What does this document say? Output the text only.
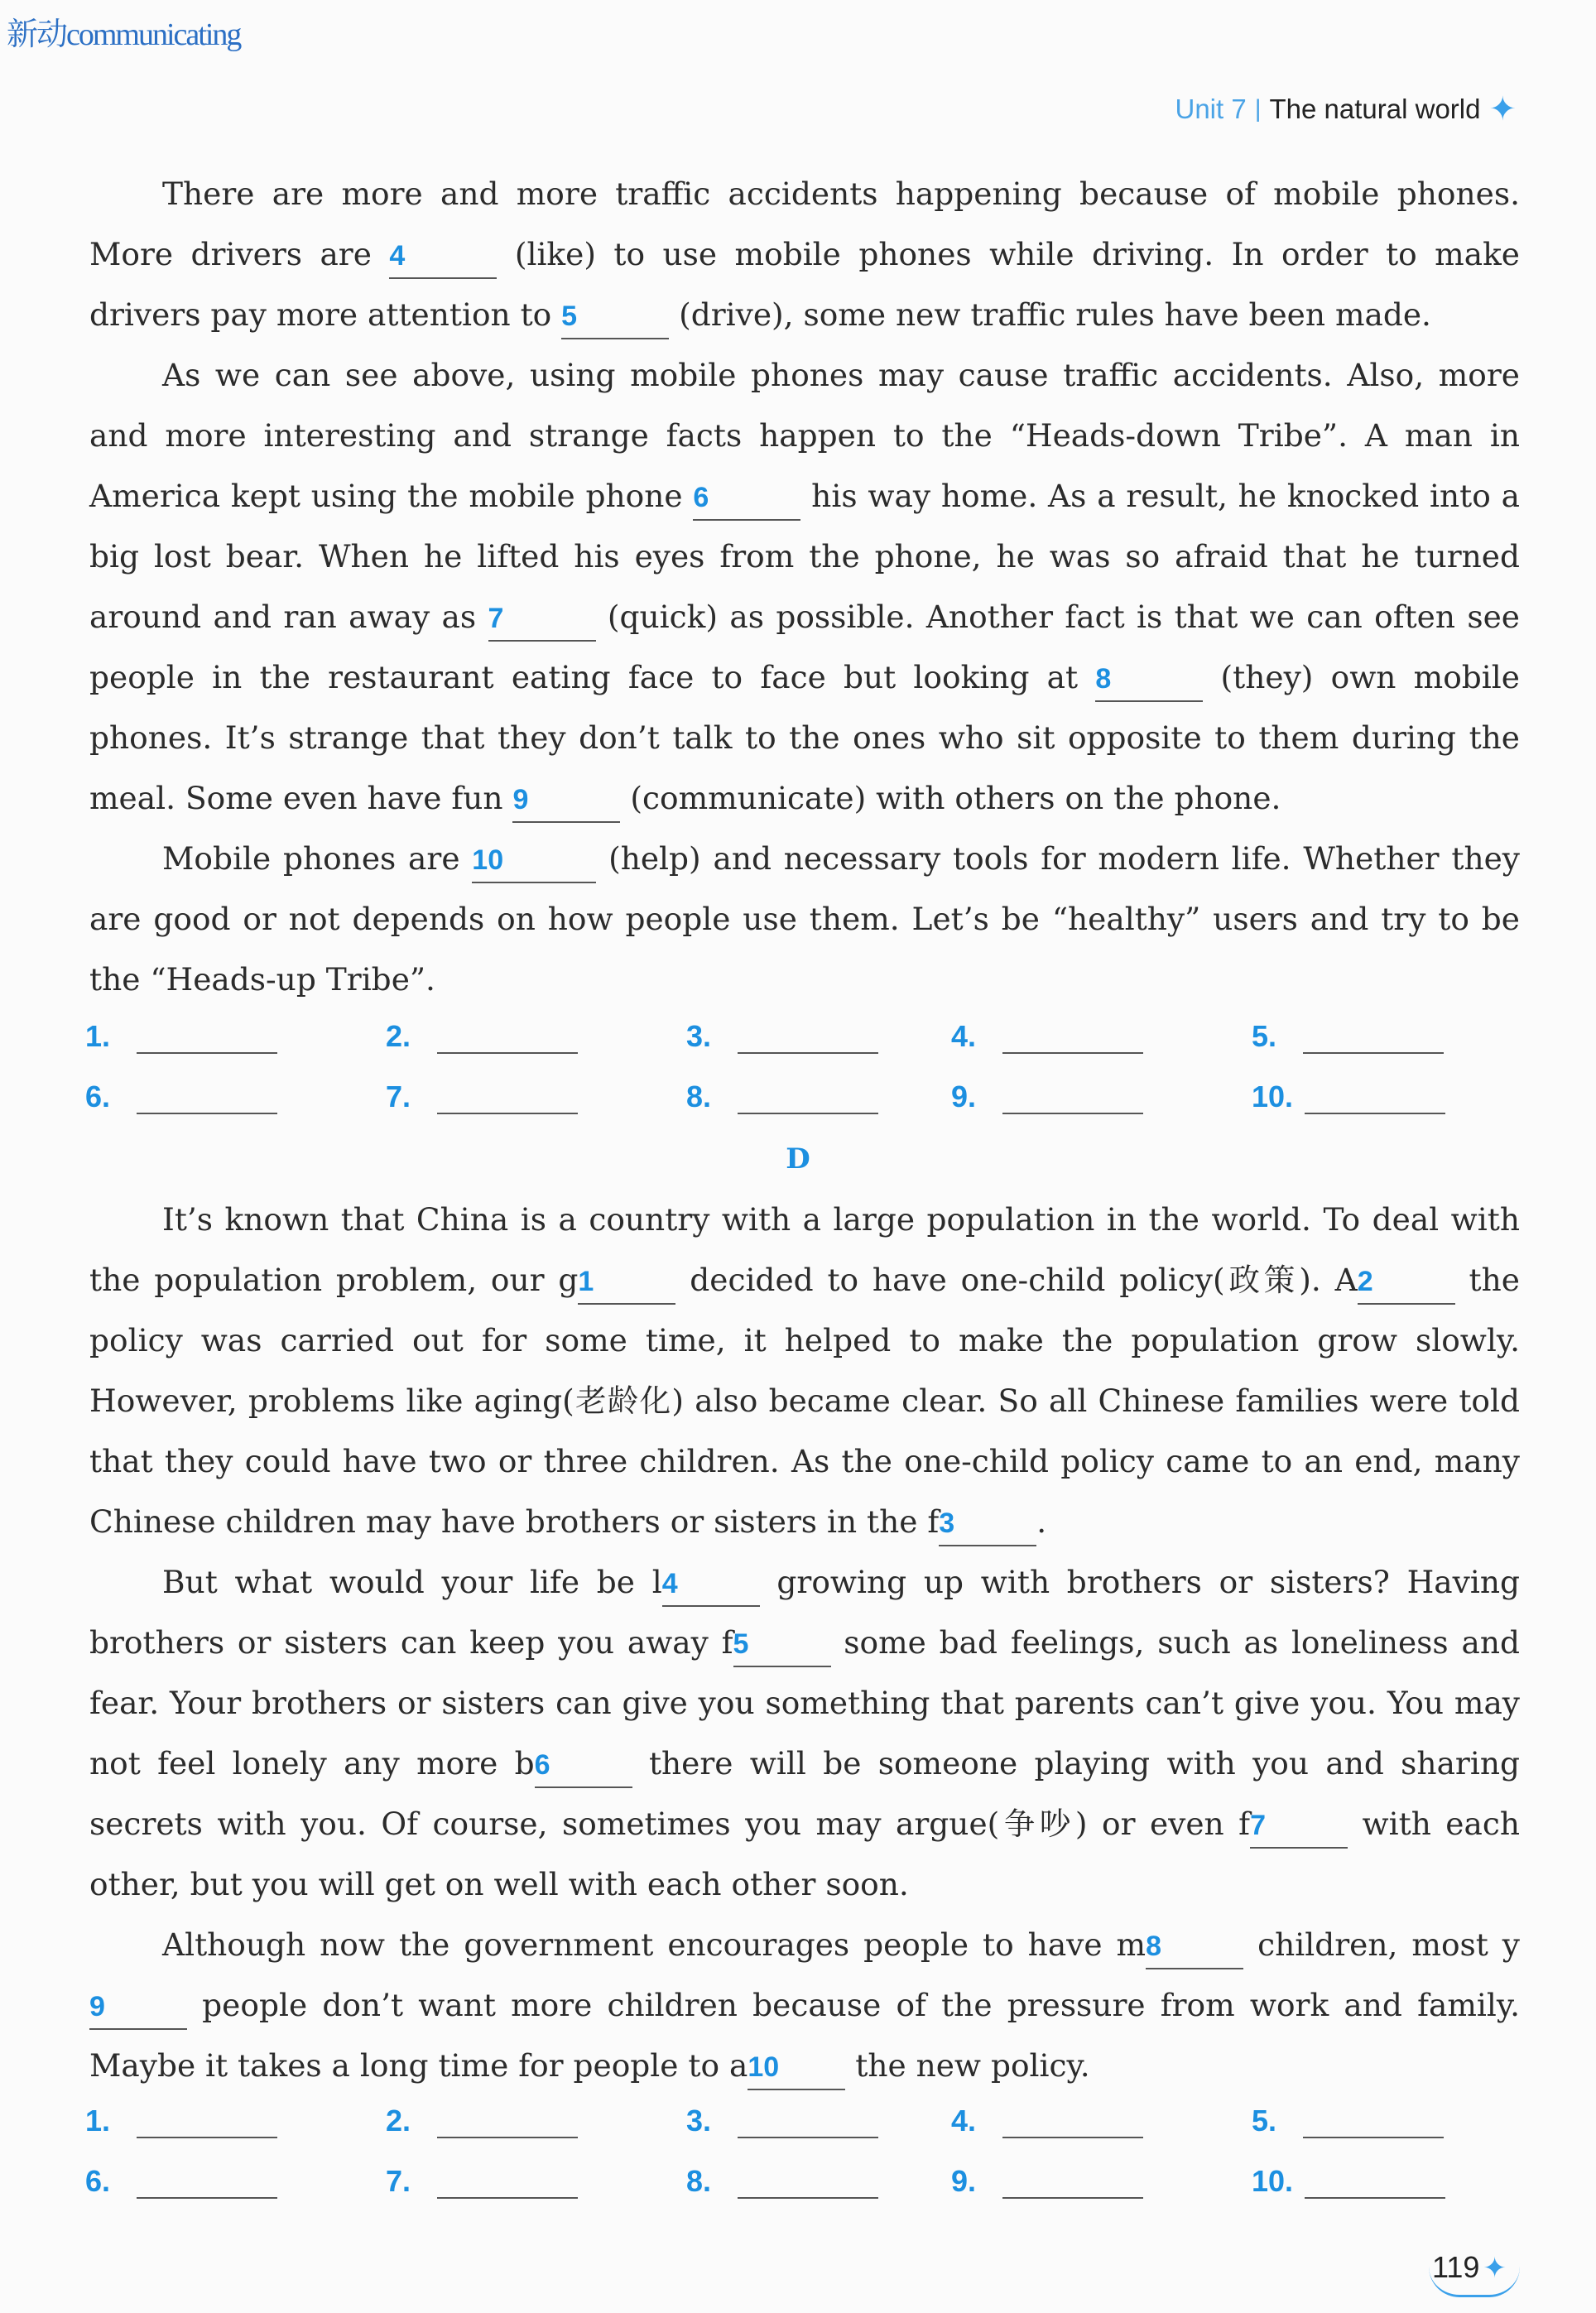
新动communicating
Unit 7 | The natural world ✦

There are more and more traffic accidents happening because of mobile phones. More drivers are 4	(like) to use mobile phones while driving. In order to make drivers pay more attention to 5	(drive), some new traffic rules have been made.

As we can see above, using mobile phones may cause traffic accidents. Also, more and more interesting and strange facts happen to the “Heads-down Tribe”. A man in America kept using the mobile phone 6	his way home. As a result, he knocked into a big lost bear. When he lifted his eyes from the phone, he was so afraid that he turned around and ran away as 7	(quick) as possible. Another fact is that we can often see people in the restaurant eating face to face but looking at 8	(they) own mobile phones. It’s strange that they don’t talk to the ones who sit opposite to them during the meal. Some even have fun 9	(communicate) with others on the phone.

Mobile phones are 10	(help) and necessary tools for modern life. Whether they are good or not depends on how people use them. Let’s be “healthy” users and try to be the “Heads-up Tribe”.

1.	2.	3.	4.	5.
6.	7.	8.	9.	10.
D

It’s known that China is a country with a large population in the world. To deal with the population problem, our g1	decided to have one-child policy(政策). A2	the policy was carried out for some time, it helped to make the population grow slowly. However, problems like aging(老龄化) also became clear. So all Chinese families were told that they could have two or three children. As the one-child policy came to an end, many Chinese children may have brothers or sisters in the f3	.

But what would your life be l4	growing up with brothers or sisters? Having brothers or sisters can keep you away f5	some bad feelings, such as loneliness and fear. Your brothers or sisters can give you something that parents can’t give you. You may not feel lonely any more b6	there will be someone playing with you and sharing secrets with you. Of course, sometimes you may argue(争吵) or even f7	with each other, but you will get on well with each other soon.

Although now the government encourages people to have m8	children, most y9	people don’t want more children because of the pressure from work and family. Maybe it takes a long time for people to a10 the new policy.

1.	2.	3.	4.	5.
6.	7.	8.	9.	10.
119 ✦
